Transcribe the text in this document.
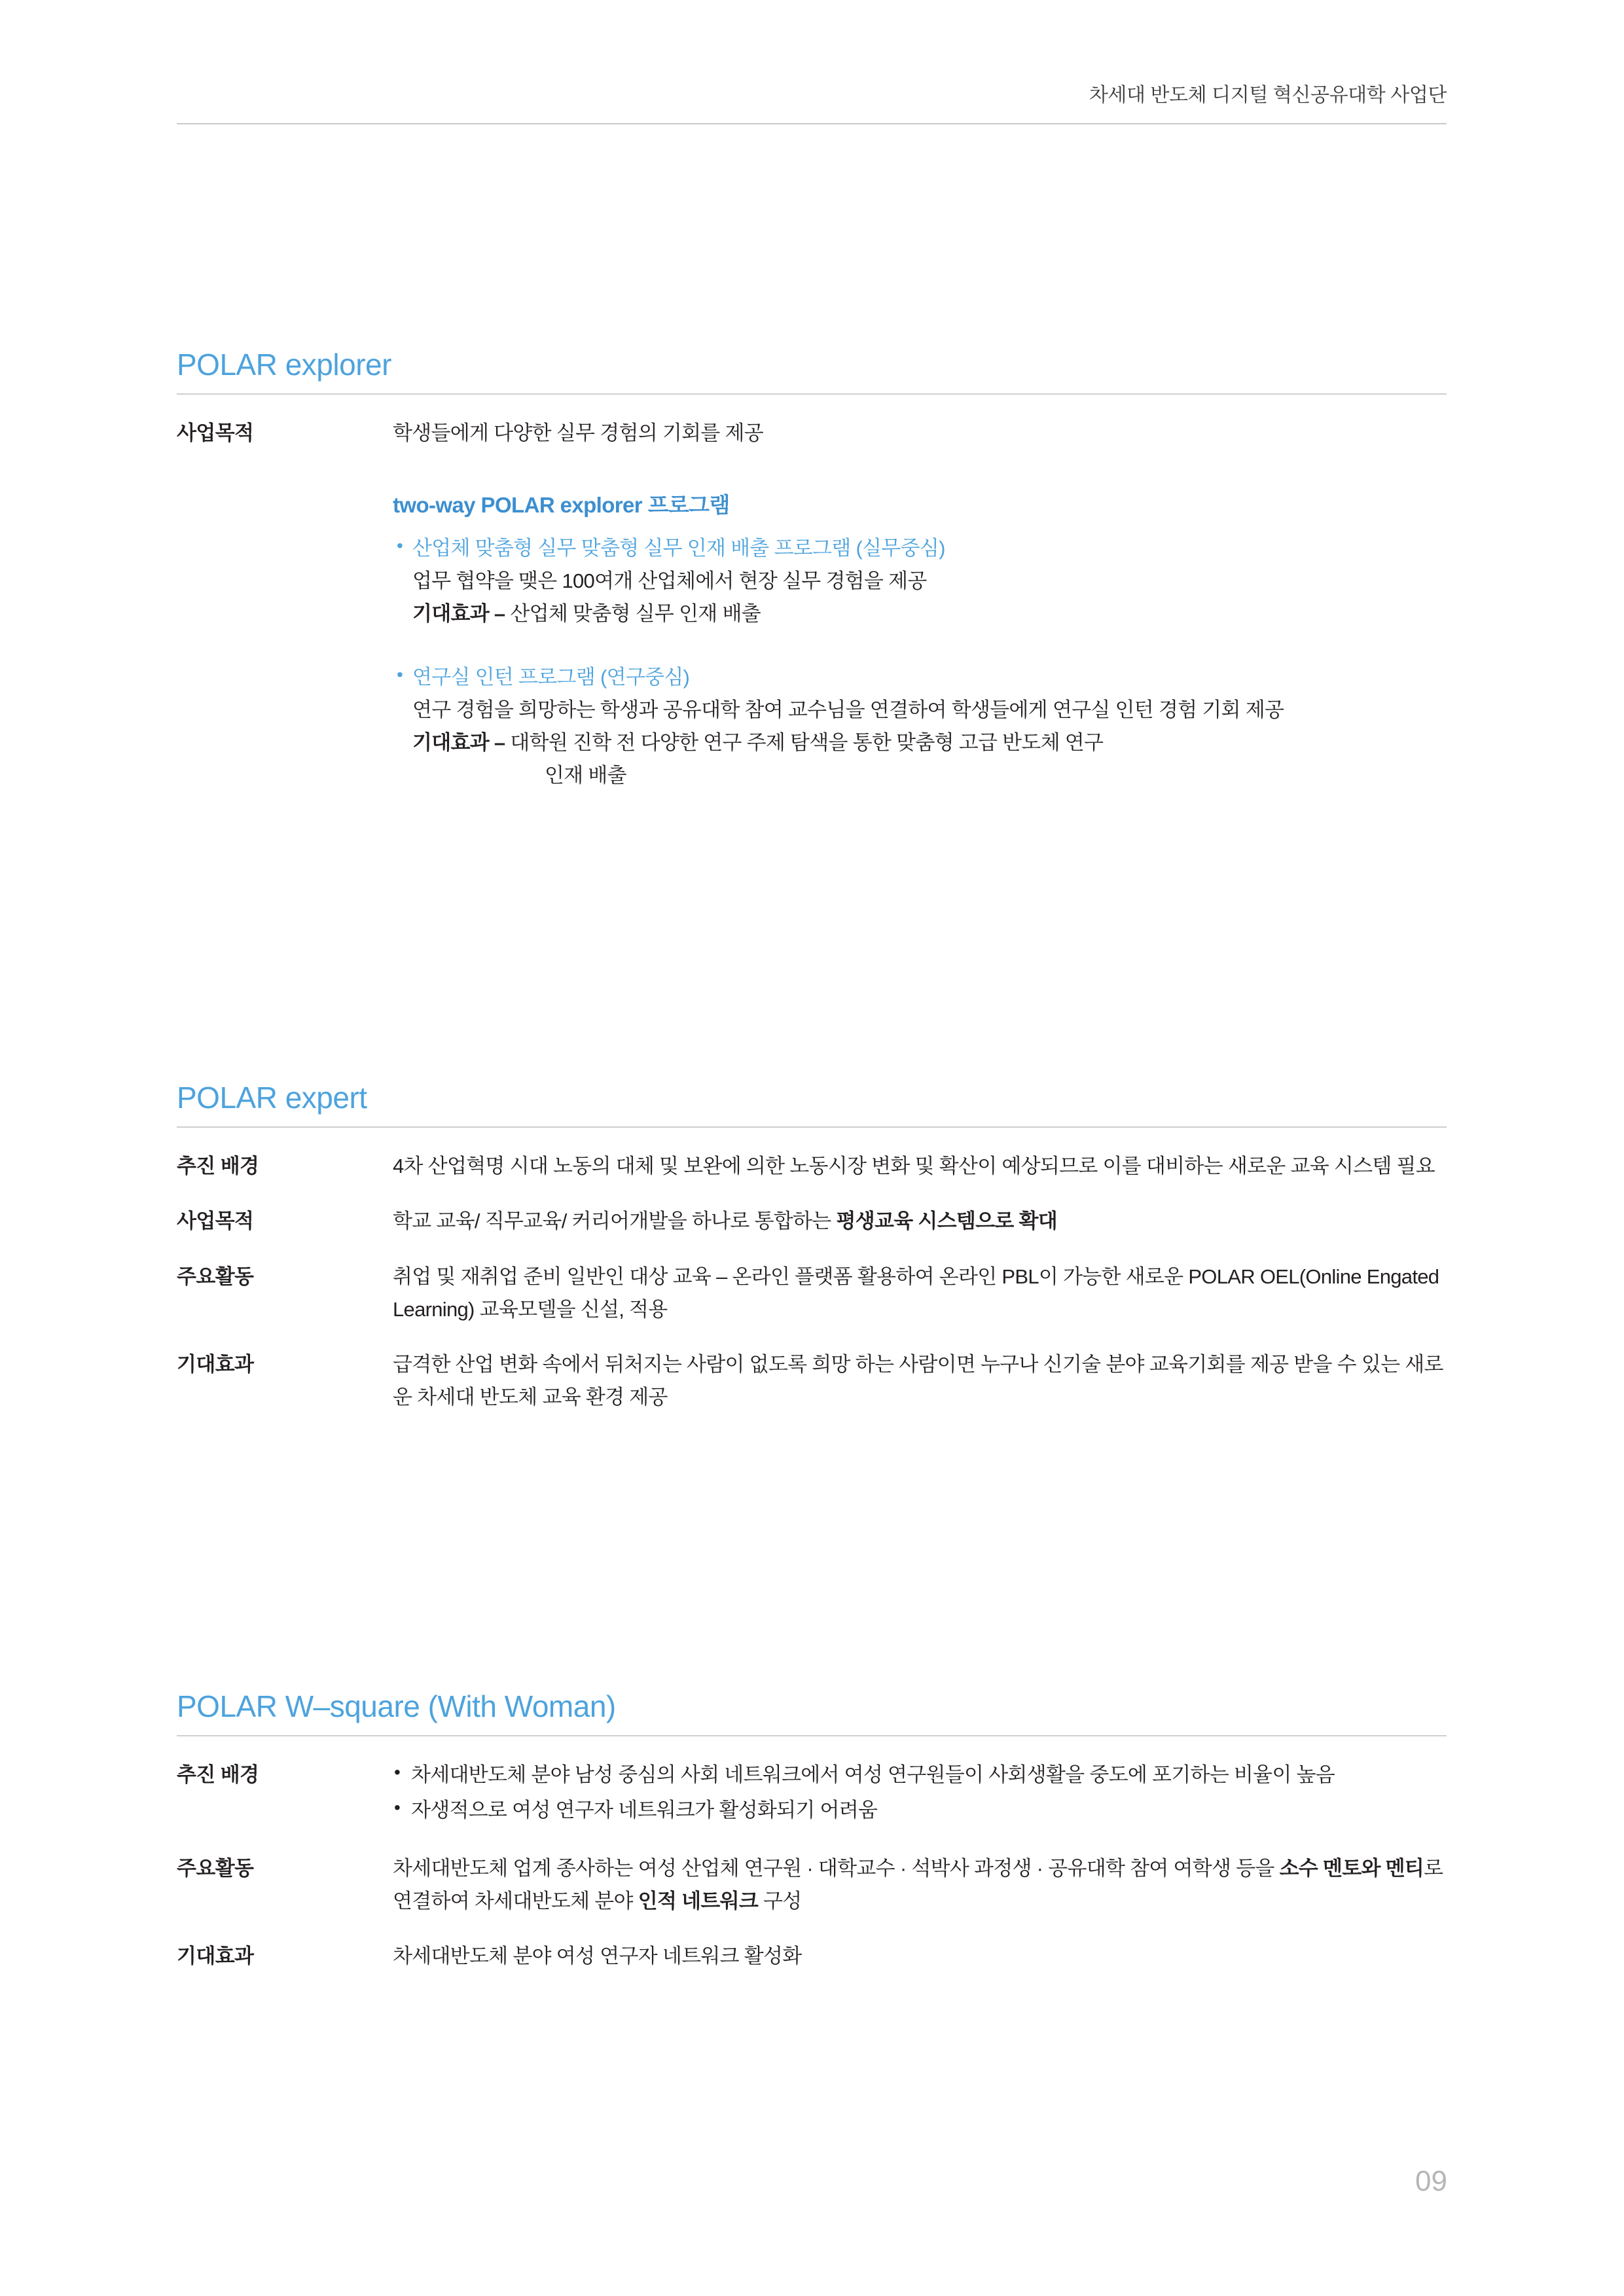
차세대 반도체 디지털 혁신공유대학 사업단
POLAR explorer
사업목적	학생들에게 다양한 실무 경험의 기회를 제공
two-way POLAR explorer 프로그램
• 산업체 맞춤형 실무 맞춤형 실무 인재 배출 프로그램 (실무중심)
업무 협약을 맺은 100여개 산업체에서 현장 실무 경험을 제공
기대효과 – 산업체 맞춤형 실무 인재 배출
• 연구실 인턴 프로그램 (연구중심)
연구 경험을 희망하는 학생과 공유대학 참여 교수님을 연결하여 학생들에게 연구실 인턴 경험 기회 제공
기대효과 – 대학원 진학 전 다양한 연구 주제 탐색을 통한 맞춤형 고급 반도체 연구
인재 배출
POLAR expert
추진 배경	4차 산업혁명 시대 노동의 대체 및 보완에 의한 노동시장 변화 및 확산이 예상되므로 이를 대비하는 새로운 교육 시스템 필요
사업목적	학교 교육/ 직무교육/ 커리어개발을 하나로 통합하는 평생교육 시스템으로 확대
주요활동	취업 및 재취업 준비 일반인 대상 교육 – 온라인 플랫폼 활용하여 온라인 PBL이 가능한 새로운 POLAR OEL(Online Engated Learning) 교육모델을 신설, 적용
기대효과	급격한 산업 변화 속에서 뒤처지는 사람이 없도록 희망 하는 사람이면 누구나 신기술 분야 교육기회를 제공 받을 수 있는 새로운 차세대 반도체 교육 환경 제공
POLAR W–square (With Woman)
추진 배경	• 차세대반도체 분야 남성 중심의 사회 네트워크에서 여성 연구원들이 사회생활을 중도에 포기하는 비율이 높음
• 자생적으로 여성 연구자 네트워크가 활성화되기 어려움
주요활동	차세대반도체 업계 종사하는 여성 산업체 연구원 · 대학교수 · 석박사 과정생 · 공유대학 참여 여학생 등을 소수 멘토와 멘티로 연결하여 차세대반도체 분야 인적 네트워크 구성
기대효과	차세대반도체 분야 여성 연구자 네트워크 활성화
09
